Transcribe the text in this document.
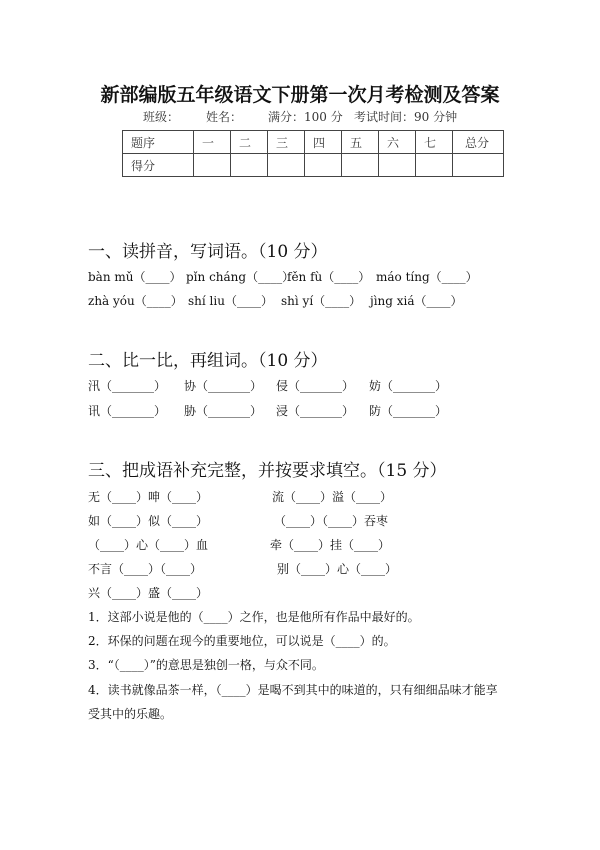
新部编版五年级语文下册第一次月考检测及答案
班级： 姓名： 满分：100 分 考试时间：90 分钟
题序	一	二	三	四	五	六	七	总分
得分								
一、读拼音，写词语。（10 分）
bàn mǔ（____） pǐn cháng（____）
fěn fù（____） máo tíng（____）
zhà yóu（____） shí liu（____） shì yí（____） jìng xiá（____）
二、比一比，再组词。（10 分）
汛（_______） 协（_______） 侵（_______） 妨（_______）
讯（_______） 胁（_______） 浸（_______） 防（_______）
三、把成语补充完整，并按要求填空。（15 分）
无（____）呻（____）	流（____）溢（____）
如（____）似（____）	（____）（____）吞枣
（____）心（____）血	牵（____）挂（____）
不言（____）（____）	别（____）心（____）
兴（____）盛（____）
1．这部小说是他的（____）之作，也是他所有作品中最好的。
2．环保的问题在现今的重要地位，可以说是（____）的。
3．“（____）”的意思是独创一格，与众不同。
4．读书就像品茶一样，（____）是喝不到其中的味道的，只有细细品味才能享
受其中的乐趣。
